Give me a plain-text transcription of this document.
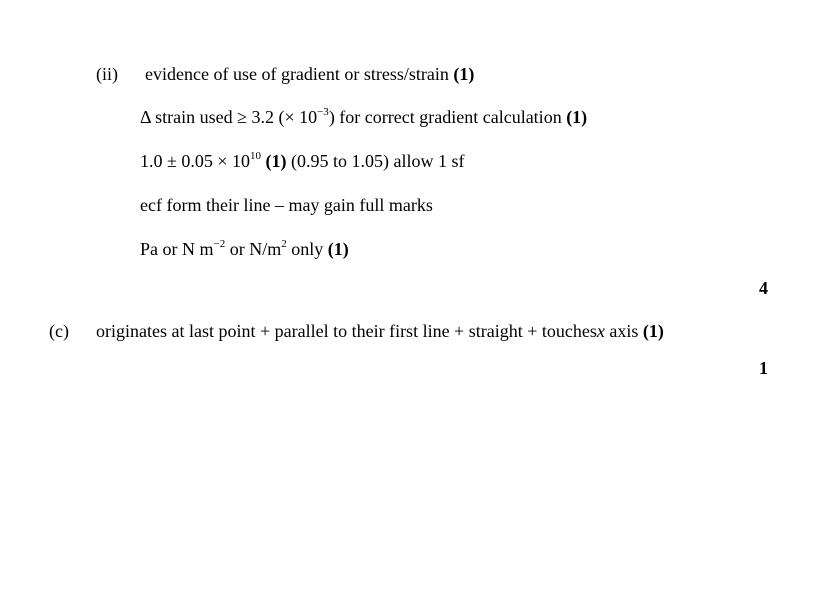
(ii) evidence of use of gradient or stress/strain (1)
Δ strain used ≥ 3.2 (× $10^{-3}$) for correct gradient calculation (1)
$1.0 \pm 0.05 \times 10^{10}$ (1) (0.95 to 1.05) allow 1 sf
ecf form their line – may gain full marks
Pa or N $m^{-2}$ or $N/m^2$ only (1)
4
(c) originates at last point + parallel to their first line + straight + touchesx axis (1)
1
